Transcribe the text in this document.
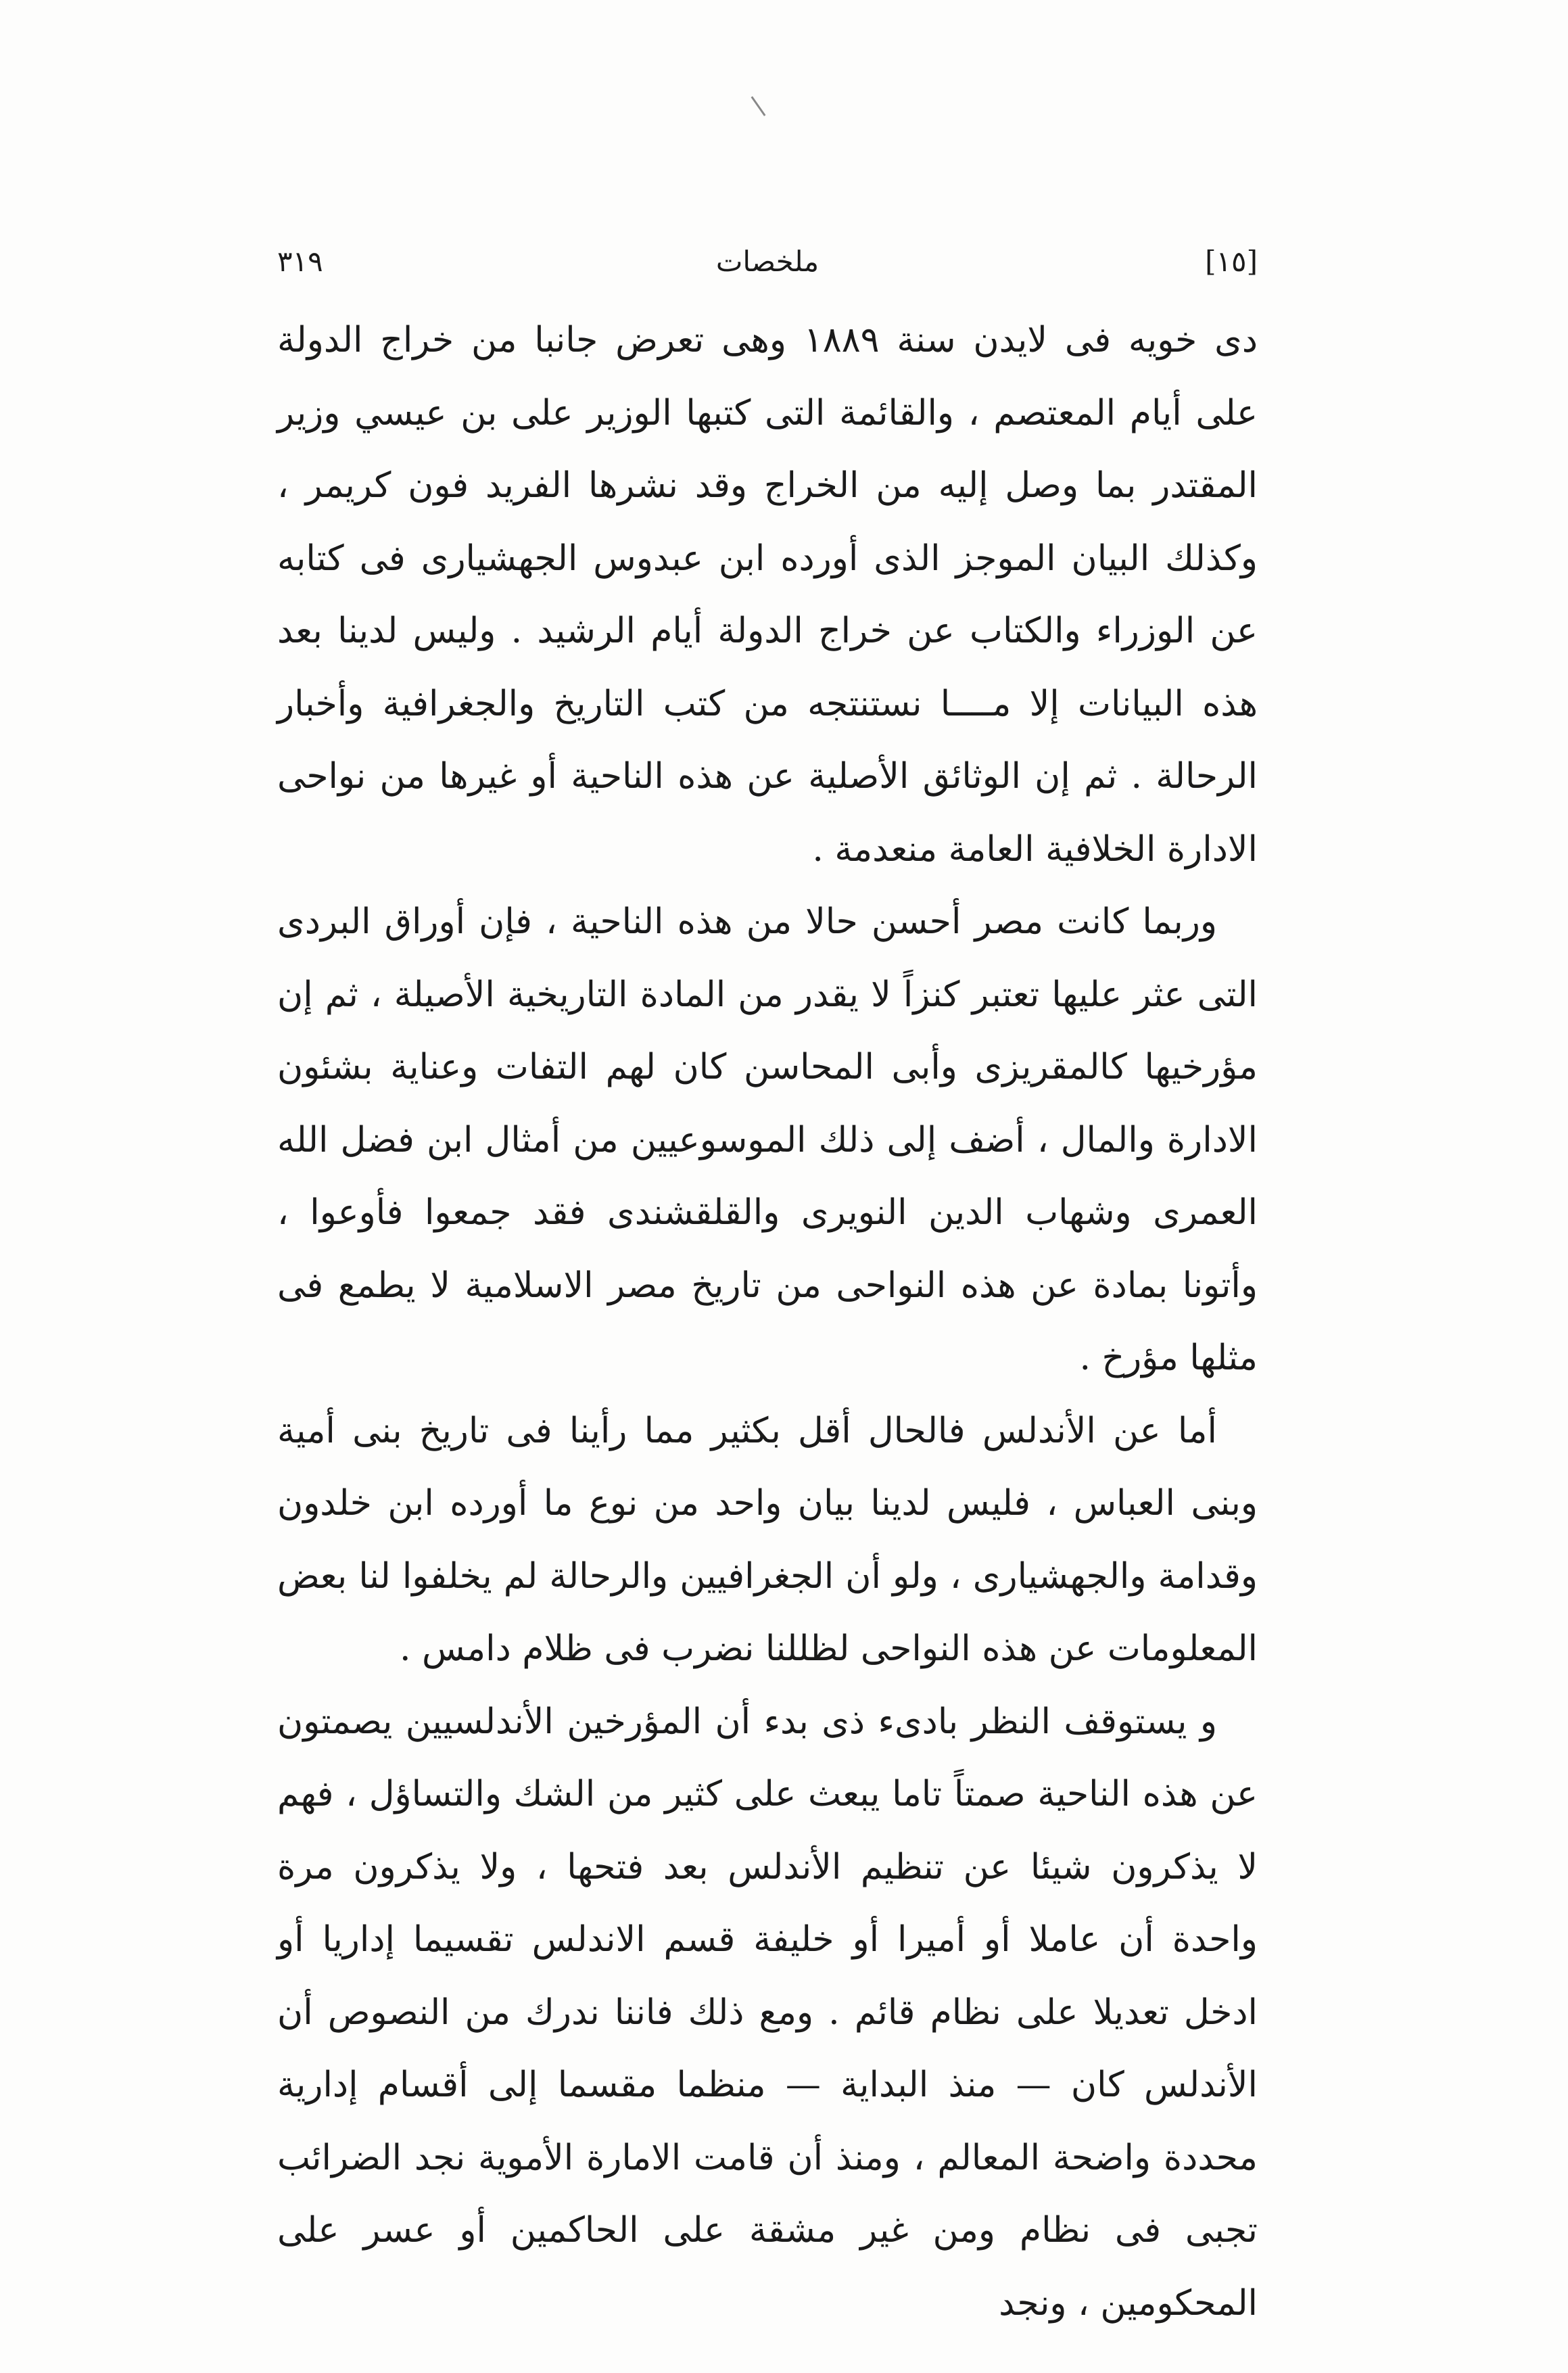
[١٥]
ملخصات
٣١٩

دى خويه فى لايدن سنة ١٨٨٩ وهى تعرض جانبا من خراج الدولة على أيام المعتصم ، والقائمة التى كتبها الوزير على بن عيسي وزير المقتدر بما وصل إليه من الخراج وقد نشرها الفريد فون كريمر ، وكذلك البيان الموجز الذى أورده ابن عبدوس الجهشيارى فى كتابه عن الوزراء والكتاب عن خراج الدولة أيام الرشيد . وليس لدينا بعد هذه البيانات إلا مــــا نستنتجه من كتب التاريخ والجغرافية وأخبار الرحالة . ثم إن الوثائق الأصلية عن هذه الناحية أو غيرها من نواحى الادارة الخلافية العامة منعدمة .

وربما كانت مصر أحسن حالا من هذه الناحية ، فإن أوراق البردى التى عثر عليها تعتبر كنزاً لا يقدر من المادة التاريخية الأصيلة ، ثم إن مؤرخيها كالمقريزى وأبى المحاسن كان لهم التفات وعناية بشئون الادارة والمال ، أضف إلى ذلك الموسوعيين من أمثال ابن فضل الله العمرى وشهاب الدين النويرى والقلقشندى فقد جمعوا فأوعوا ، وأتونا بمادة عن هذه النواحى من تاريخ مصر الاسلامية لا يطمع فى مثلها مؤرخ .

أما عن الأندلس فالحال أقل بكثير مما رأينا فى تاريخ بنى أمية وبنى العباس ، فليس لدينا بيان واحد من نوع ما أورده ابن خلدون وقدامة والجهشيارى ، ولو أن الجغرافيين والرحالة لم يخلفوا لنا بعض المعلومات عن هذه النواحى لظللنا نضرب فى ظلام دامس .

و يستوقف النظر بادىء ذى بدء أن المؤرخين الأندلسيين يصمتون عن هذه الناحية صمتاً تاما يبعث على كثير من الشك والتساؤل ، فهم لا يذكرون شيئا عن تنظيم الأندلس بعد فتحها ، ولا يذكرون مرة واحدة أن عاملا أو أميرا أو خليفة قسم الاندلس تقسيما إداريا أو ادخل تعديلا على نظام قائم . ومع ذلك فاننا ندرك من النصوص أن الأندلس كان — منذ البداية — منظما مقسما إلى أقسام إدارية محددة واضحة المعالم ، ومنذ أن قامت الامارة الأموية نجد الضرائب تجبى فى نظام ومن غير مشقة على الحاكمين أو عسر على المحكومين ، ونجد
